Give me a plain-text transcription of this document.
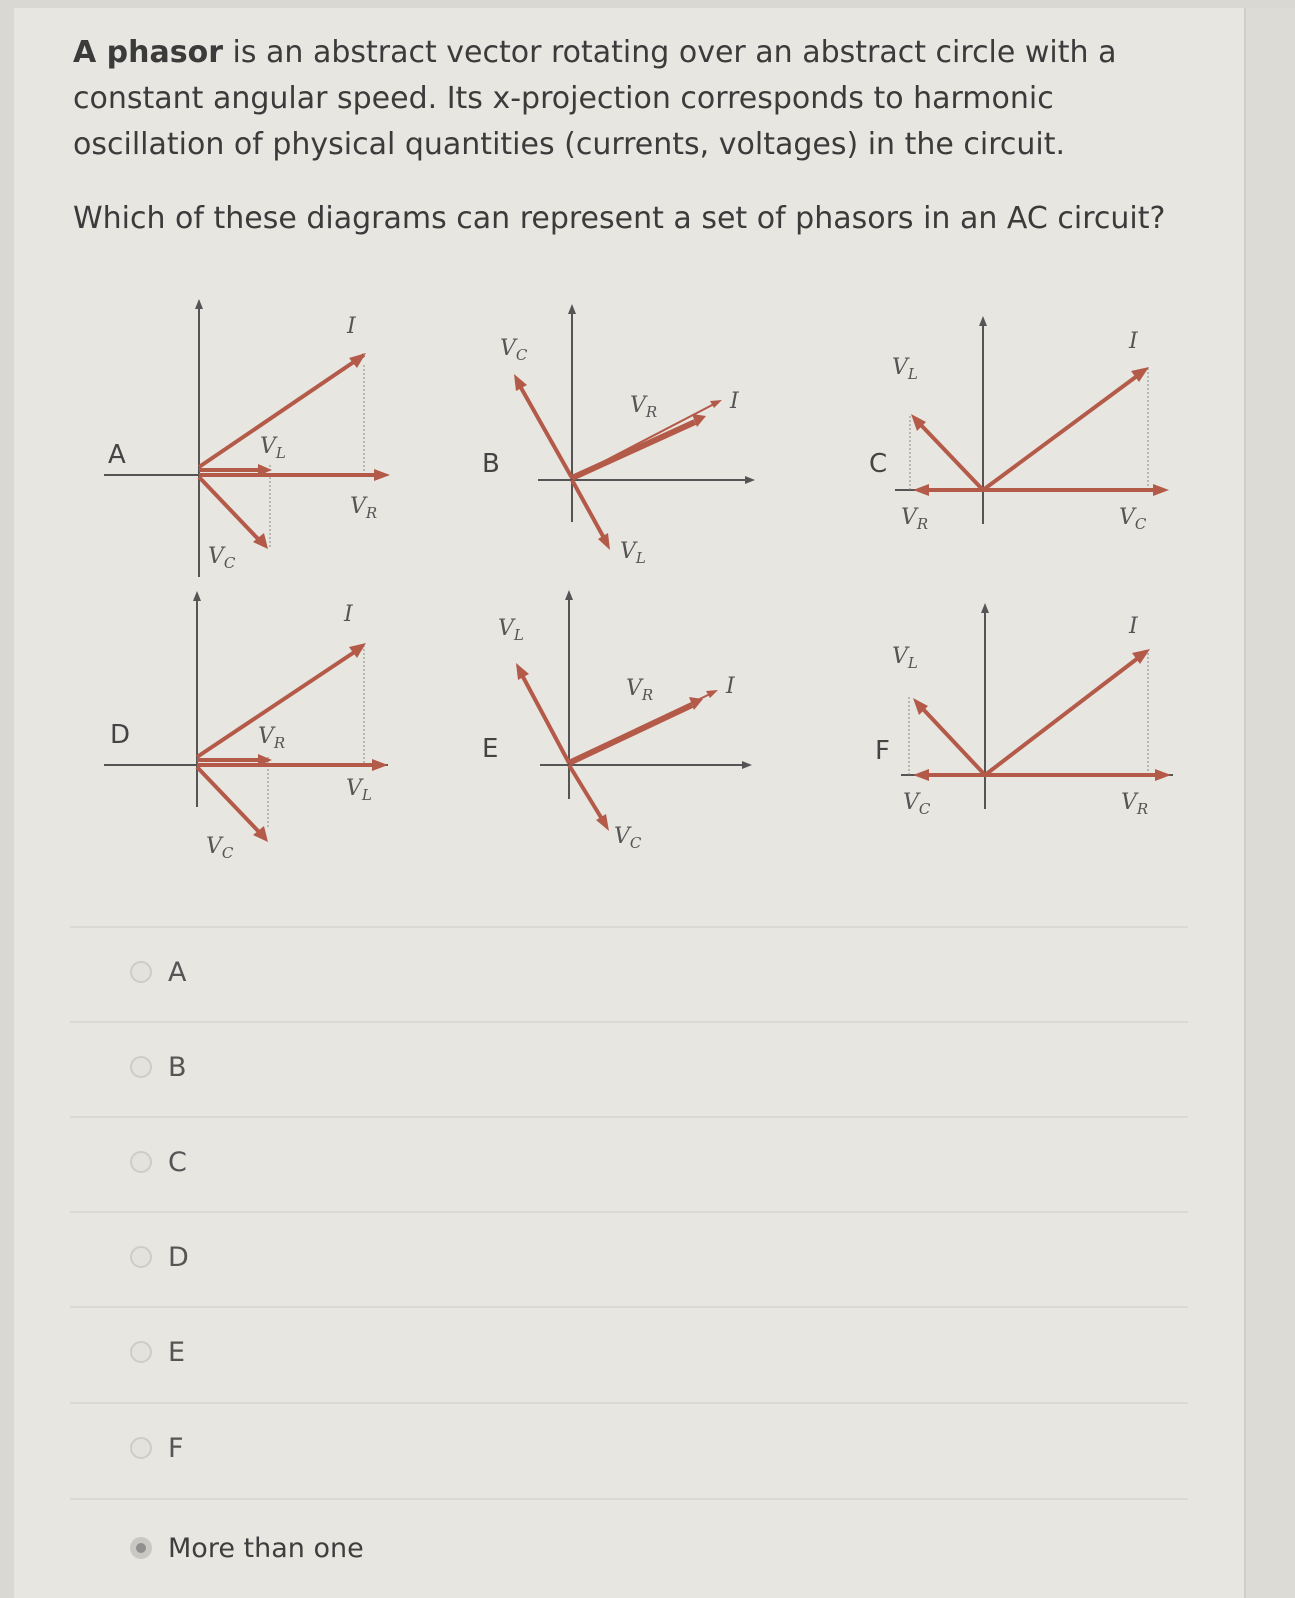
A phasor is an abstract vector rotating over an abstract circle with a constant angular speed. Its x-projection corresponds to harmonic oscillation of physical quantities (currents, voltages) in the circuit.
Which of these diagrams can represent a set of phasors in an AC circuit?
A
I
$V_L$
$V_R$
$V_C$
B
$V_C$
$V_R$	I
$V_L$
C
$V_L$
I
$V_R$	$V_C$
D
I
$V_R$
$V_L$
$V_C$
E
$V_L$
$V_R$	I
$V_C$
F
$V_L$
I
$V_C$	$V_R$
A
B
C
D
E
F
More than one
